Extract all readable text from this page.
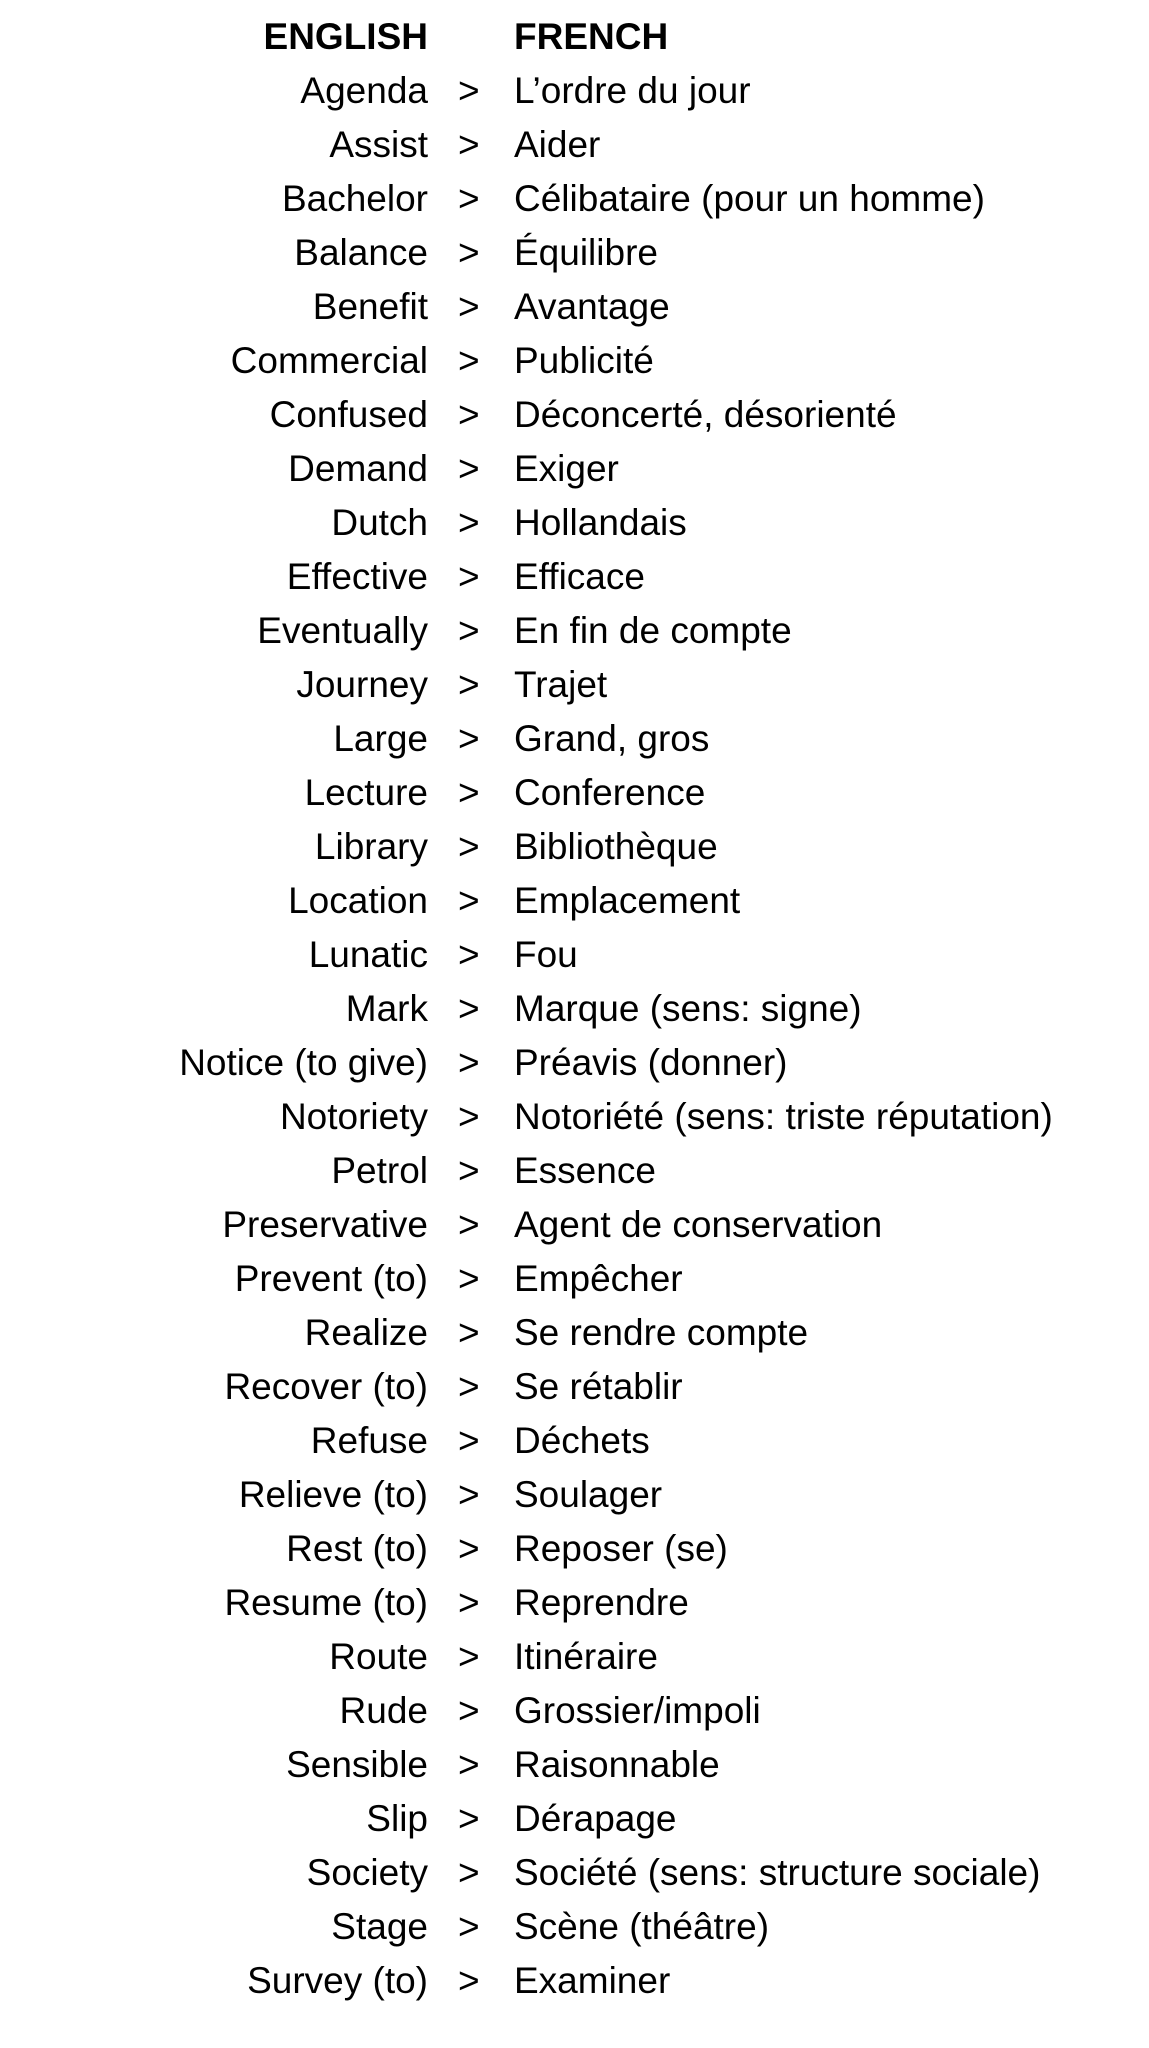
ENGLISH FRENCH
Agenda > L’ordre du jour
Assist > Aider
Bachelor > Célibataire (pour un homme)
Balance > Équilibre
Benefit > Avantage
Commercial > Publicité
Confused > Déconcerté, désorienté
Demand > Exiger
Dutch > Hollandais
Effective > Efficace
Eventually > En fin de compte
Journey > Trajet
Large > Grand, gros
Lecture > Conference
Library > Bibliothèque
Location > Emplacement
Lunatic > Fou
Mark > Marque (sens: signe)
Notice (to give) > Préavis (donner)
Notoriety > Notoriété (sens: triste réputation)
Petrol > Essence
Preservative > Agent de conservation
Prevent (to) > Empêcher
Realize > Se rendre compte
Recover (to) > Se rétablir
Refuse > Déchets
Relieve (to) > Soulager
Rest (to) > Reposer (se)
Resume (to) > Reprendre
Route > Itinéraire
Rude > Grossier/impoli
Sensible > Raisonnable
Slip > Dérapage
Society > Société (sens: structure sociale)
Stage > Scène (théâtre)
Survey (to) > Examiner
